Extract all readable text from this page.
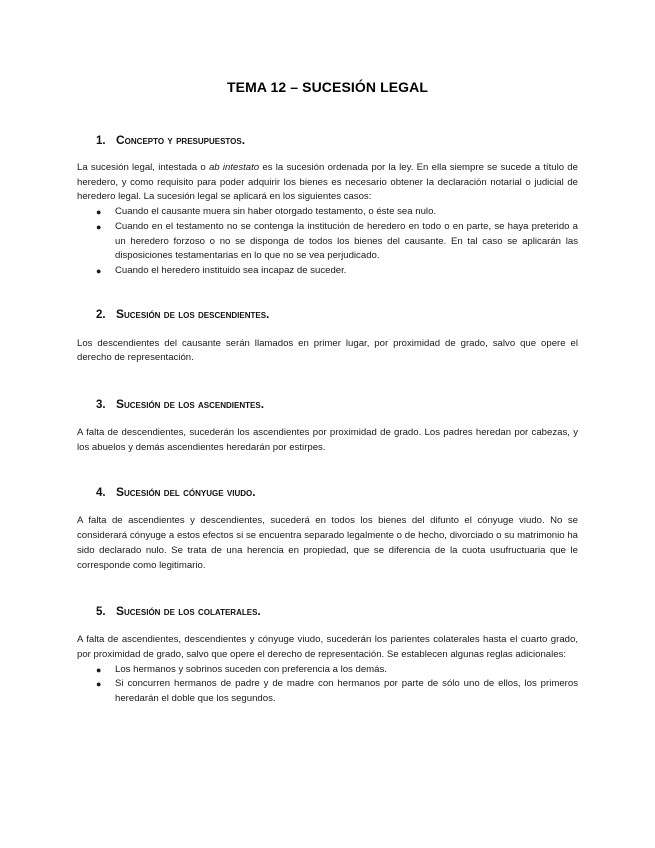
TEMA 12 – SUCESIÓN LEGAL
1. Concepto y presupuestos.

La sucesión legal, intestada o ab intestato es la sucesión ordenada por la ley. En ella siempre se sucede a título de heredero, y como requisito para poder adquirir los bienes es necesario obtener la declaración notarial o judicial de heredero legal. La sucesión legal se aplicará en los siguientes casos:

● Cuando el causante muera sin haber otorgado testamento, o éste sea nulo.
● Cuando en el testamento no se contenga la institución de heredero en todo o en parte, se haya preterido a un heredero forzoso o no se disponga de todos los bienes del causante. En tal caso se aplicarán las disposiciones testamentarias en lo que no se vea perjudicado.
● Cuando el heredero instituido sea incapaz de suceder.
2. Sucesión de los descendientes.

Los descendientes del causante serán llamados en primer lugar, por proximidad de grado, salvo que opere el derecho de representación.

3. Sucesión de los ascendientes.

A falta de descendientes, sucederán los ascendientes por proximidad de grado. Los padres heredan por cabezas, y los abuelos y demás ascendientes heredarán por estirpes.

4. Sucesión del cónyuge viudo.

A falta de ascendientes y descendientes, sucederá en todos los bienes del difunto el cónyuge viudo. No se considerará cónyuge a estos efectos si se encuentra separado legalmente o de hecho, divorciado o su matrimonio ha sido declarado nulo. Se trata de una herencia en propiedad, que se diferencia de la cuota usufructuaria que le corresponde como legitimario.

5. Sucesión de los colaterales.

A falta de ascendientes, descendientes y cónyuge viudo, sucederán los parientes colaterales hasta el cuarto grado, por proximidad de grado, salvo que opere el derecho de representación. Se establecen algunas reglas adicionales:

● Los hermanos y sobrinos suceden con preferencia a los demás.
● Si concurren hermanos de padre y de madre con hermanos por parte de sólo uno de ellos, los primeros heredarán el doble que los segundos.
